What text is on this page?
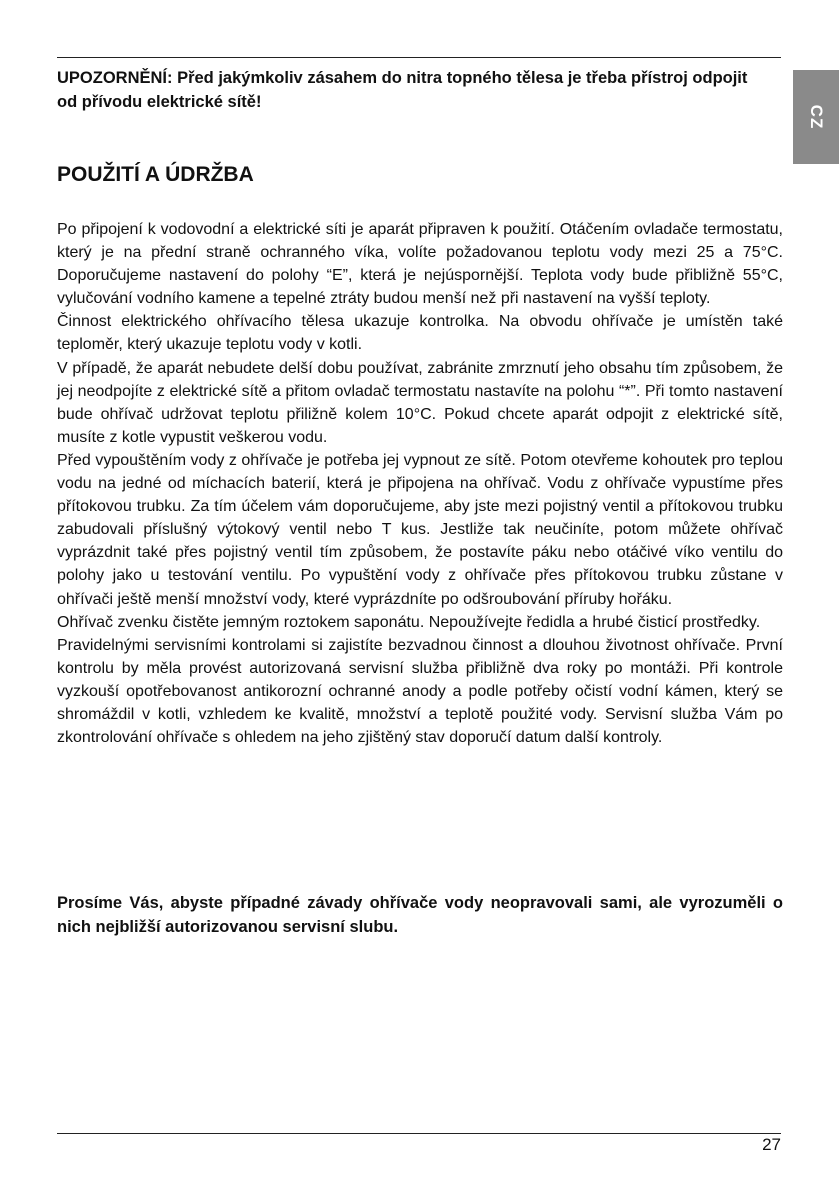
UPOZORNĚNÍ: Před jakýmkoliv zásahem do nitra topného tělesa je třeba přístroj odpojit od přívodu elektrické sítě!

CZ
POUŽITÍ A ÚDRŽBA

Po připojení k vodovodní a elektrické síti je aparát připraven k použití. Otáčením ovladače termostatu, který je na přední straně ochranného víka, volíte požadovanou teplotu vody mezi 25 a 75°C. Doporučujeme nastavení do polohy “E”, která je nejúspornější. Teplota vody bude přibližně 55°C, vylučování vodního kamene a tepelné ztráty budou menší než při nastavení na vyšší teploty.

Činnost elektrického ohřívacího tělesa ukazuje kontrolka. Na obvodu ohřívače je umístěn také teploměr, který ukazuje teplotu vody v kotli.

V případě, že aparát nebudete delší dobu používat, zabránite zmrznutí jeho obsahu tím způsobem, že jej neodpojíte z elektrické sítě a přitom ovladač termostatu nastavíte na polohu “*”. Při tomto nastavení bude ohřívač udržovat teplotu přiližně kolem 10°C. Pokud chcete aparát odpojit z elektrické sítě, musíte z kotle vypustit veškerou vodu.

Před vypouštěním vody z ohřívače je potřeba jej vypnout ze sítě. Potom otevřeme kohoutek pro teplou vodu na jedné od míchacích baterií, která je připojena na ohřívač. Vodu z ohřívače vypustíme přes přítokovou trubku. Za tím účelem vám doporučujeme, aby jste mezi pojistný ventil a přítokovou trubku zabudovali příslušný výtokový ventil nebo T kus. Jestliže tak neučiníte, potom můžete ohřívač vyprázdnit také přes pojistný ventil tím způsobem, že postavíte páku nebo otáčivé víko ventilu do polohy jako u testování ventilu. Po vypuštění vody z ohřívače přes přítokovou trubku zůstane v ohřívači ještě menší množství vody, které vyprázdníte po odšroubování příruby hořáku.

Ohřívač zvenku čistěte jemným roztokem saponátu. Nepoužívejte ředidla a hrubé čisticí prostředky.

Pravidelnými servisními kontrolami si zajistíte bezvadnou činnost a dlouhou životnost ohřívače. První kontrolu by měla provést autorizovaná servisní služba přibližně dva roky po montáži. Při kontrole vyzkouší opotřebovanost antikorozní ochranné anody a podle potřeby očistí vodní kámen, který se shromáždil v kotli, vzhledem ke kvalitě, množství a teplotě použité vody. Servisní služba Vám po zkontrolování ohřívače s ohledem na jeho zjištěný stav doporučí datum další kontroly.

Prosíme Vás, abyste případné závady ohřívače vody neopravovali sami, ale vyrozuměli o nich nejbližší autorizovanou servisní slubu.

27
